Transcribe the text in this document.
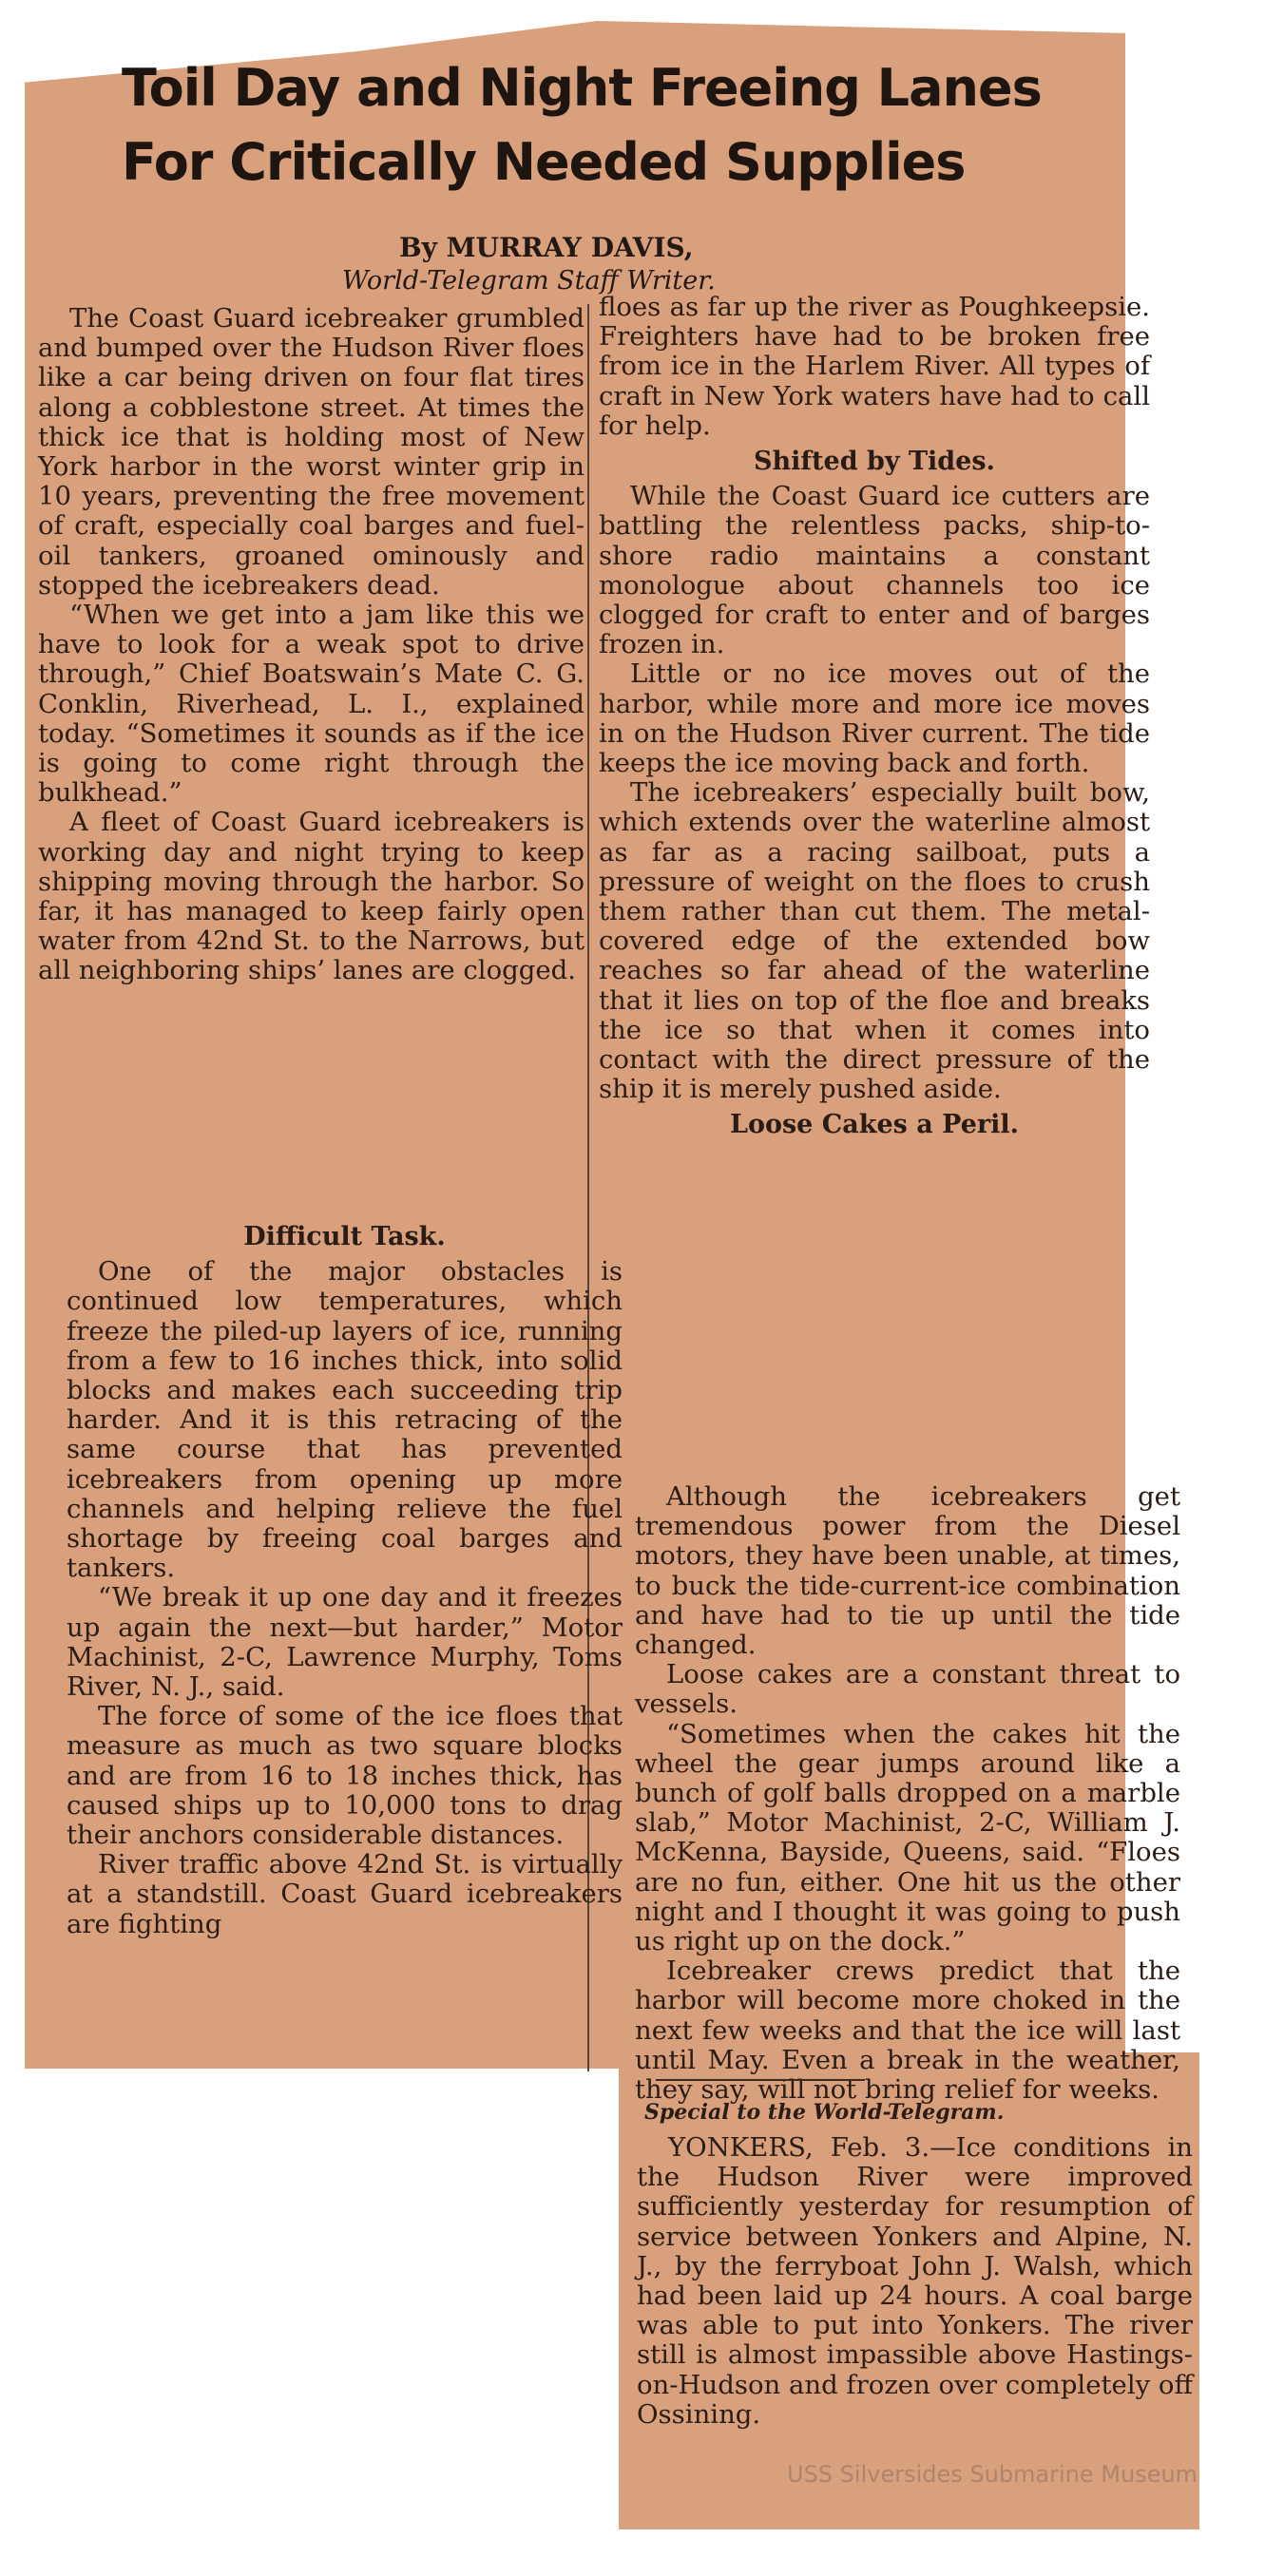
Toil Day and Night Freeing Lanes
For Critically Needed Supplies
By MURRAY DAVIS,
World-Telegram Staff Writer.

The Coast Guard icebreaker grumbled and bumped over the Hudson River floes like a car being driven on four flat tires along a cobblestone street. At times the thick ice that is holding most of New York harbor in the worst winter grip in 10 years, preventing the free movement of craft, especially coal barges and fuel-oil tankers, groaned ominously and stopped the icebreakers dead.

“When we get into a jam like this we have to look for a weak spot to drive through,” Chief Boatswain’s Mate C. G. Conklin, Riverhead, L. I., explained today. “Sometimes it sounds as if the ice is going to come right through the bulkhead.”

A fleet of Coast Guard icebreakers is working day and night trying to keep shipping moving through the harbor. So far, it has managed to keep fairly open water from 42nd St. to the Narrows, but all neighboring ships’ lanes are clogged.

Difficult Task.

One of the major obstacles is continued low temperatures, which freeze the piled-up layers of ice, running from a few to 16 inches thick, into solid blocks and makes each succeeding trip harder. And it is this retracing of the same course that has prevented icebreakers from opening up more channels and helping relieve the fuel shortage by freeing coal barges and tankers.

“We break it up one day and it freezes up again the next—but harder,” Motor Machinist, 2-C, Lawrence Murphy, Toms River, N. J., said.

The force of some of the ice floes that measure as much as two square blocks and are from 16 to 18 inches thick, has caused ships up to 10,000 tons to drag their anchors considerable distances.

River traffic above 42nd St. is virtually at a standstill. Coast Guard icebreakers are fighting

floes as far up the river as Poughkeepsie. Freighters have had to be broken free from ice in the Harlem River. All types of craft in New York waters have had to call for help.

Shifted by Tides.

While the Coast Guard ice cutters are battling the relentless packs, ship-to-shore radio maintains a constant monologue about channels too ice clogged for craft to enter and of barges frozen in.

Little or no ice moves out of the harbor, while more and more ice moves in on the Hudson River current. The tide keeps the ice moving back and forth.

The icebreakers’ especially built bow, which extends over the waterline almost as far as a racing sailboat, puts a pressure of weight on the floes to crush them rather than cut them. The metal-covered edge of the extended bow reaches so far ahead of the waterline that it lies on top of the floe and breaks the ice so that when it comes into contact with the direct pressure of the ship it is merely pushed aside.

Loose Cakes a Peril.

Although the icebreakers get tremendous power from the Diesel motors, they have been unable, at times, to buck the tide-current-ice combination and have had to tie up until the tide changed.

Loose cakes are a constant threat to vessels.

“Sometimes when the cakes hit the wheel the gear jumps around like a bunch of golf balls dropped on a marble slab,” Motor Machinist, 2-C, William J. McKenna, Bayside, Queens, said. “Floes are no fun, either. One hit us the other night and I thought it was going to push us right up on the dock.”

Icebreaker crews predict that the harbor will become more choked in the next few weeks and that the ice will last until May. Even a break in the weather, they say, will not bring relief for weeks.

Special to the World-Telegram.

YONKERS, Feb. 3.—Ice conditions in the Hudson River were improved sufficiently yesterday for resumption of service between Yonkers and Alpine, N. J., by the ferryboat John J. Walsh, which had been laid up 24 hours. A coal barge was able to put into Yonkers. The river still is almost impassible above Hastings-on-Hudson and frozen over completely off Ossining.

USS Silversides Submarine Museum
